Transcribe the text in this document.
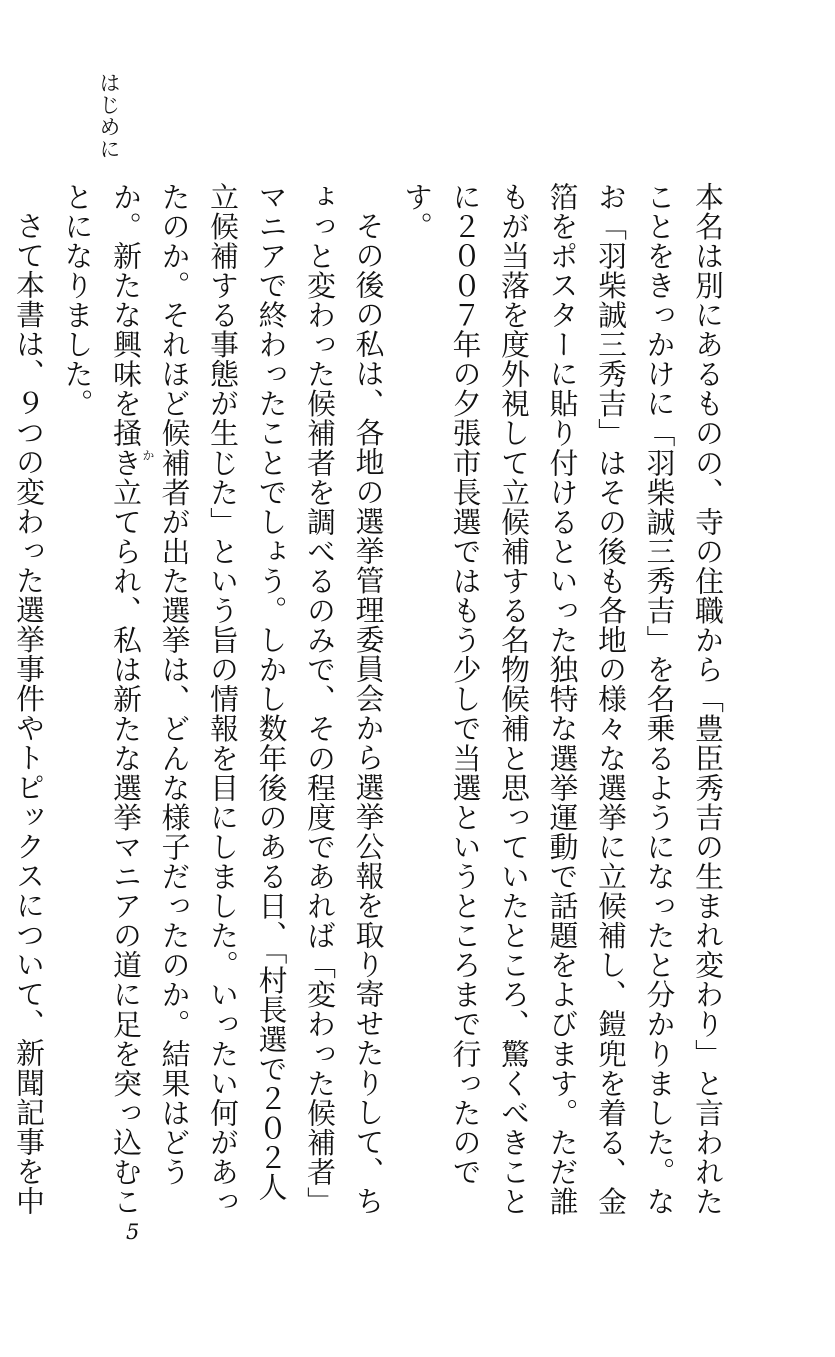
はじめに

本名は別にあるものの、寺の住職から「豊臣秀吉の生まれ変わり」と言われたことをきっかけに「羽柴誠三秀吉」を名乗るようになったと分かりました。なお「羽柴誠三秀吉」はその後も各地の様々な選挙に立候補し、鎧兜を着る、金箔をポスターに貼り付けるといった独特な選挙運動で話題をよびます。ただ誰もが当落を度外視して立候補する名物候補と思っていたところ、驚くべきことに２００７年の夕張市長選ではもう少しで当選というところまで行ったのです。

その後の私は、各地の選挙管理委員会から選挙公報を取り寄せたりして、ちょっと変わった候補者を調べるのみで、その程度であれば「変わった候補者」マニアで終わったことでしょう。しかし数年後のある日、「村長選で２０２人立候補する事態が生じた」という旨の情報を目にしました。いったい何があったのか。それほど候補者が出た選挙は、どんな様子だったのか。結果はどうか。新たな興味を掻
か
き立てられ、私は新たな選挙マニアの道に足を突っ込むことになりました。

さて本書は、９つの変わった選挙事件やトピックスについて、新聞記事を中

5
